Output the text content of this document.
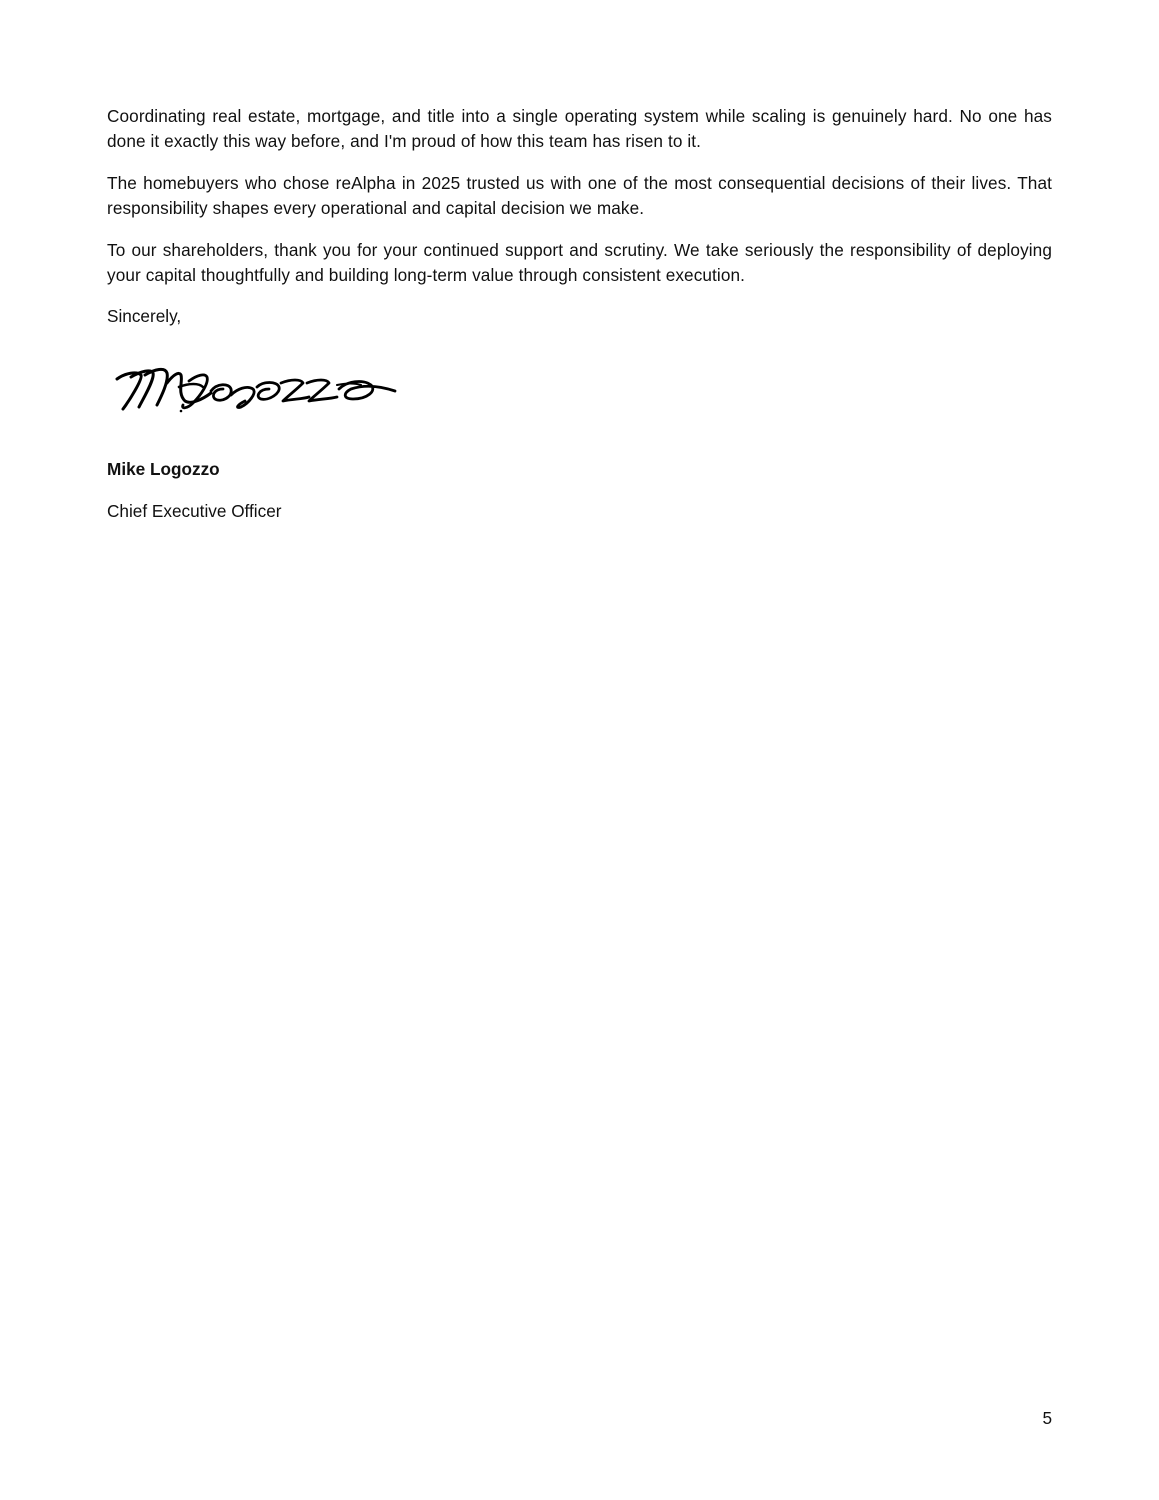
Coordinating real estate, mortgage, and title into a single operating system while scaling is genuinely hard. No one has done it exactly this way before, and I'm proud of how this team has risen to it.

The homebuyers who chose reAlpha in 2025 trusted us with one of the most consequential decisions of their lives. That responsibility shapes every operational and capital decision we make.

To our shareholders, thank you for your continued support and scrutiny. We take seriously the responsibility of deploying your capital thoughtfully and building long-term value through consistent execution.

Sincerely,

Mike Logozzo

Chief Executive Officer

5
